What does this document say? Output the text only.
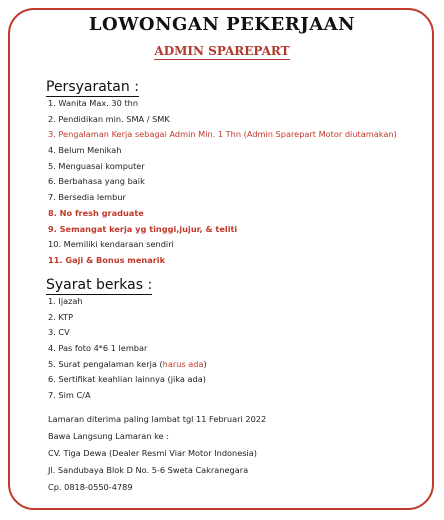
LOWONGAN PEKERJAAN
ADMIN SPAREPART
Persyaratan :
1. Wanita Max. 30 thn
2. Pendidikan min. SMA / SMK
3. Pengalaman Kerja sebagai Admin Min. 1 Thn (Admin Sparepart Motor diutamakan)
4. Belum Menikah
5. Menguasai komputer
6. Berbahasa yang baik
7. Bersedia lembur
8. No fresh graduate
9. Semangat kerja yg tinggi,jujur, & teliti
10. Memiliki kendaraan sendiri
11. Gaji & Bonus menarik
Syarat berkas :
1. Ijazah
2. KTP
3. CV
4. Pas foto 4*6 1 lembar
5. Surat pengalaman kerja (harus ada)
6. Sertifikat keahlian lainnya (jika ada)
7. Sim C/A
Lamaran diterima paling lambat tgl 11 Februari 2022
Bawa Langsung Lamaran ke :
CV. Tiga Dewa (Dealer Resmi Viar Motor Indonesia)
Jl. Sandubaya Blok D No. 5-6 Sweta Cakranegara
Cp. 0818-0550-4789
